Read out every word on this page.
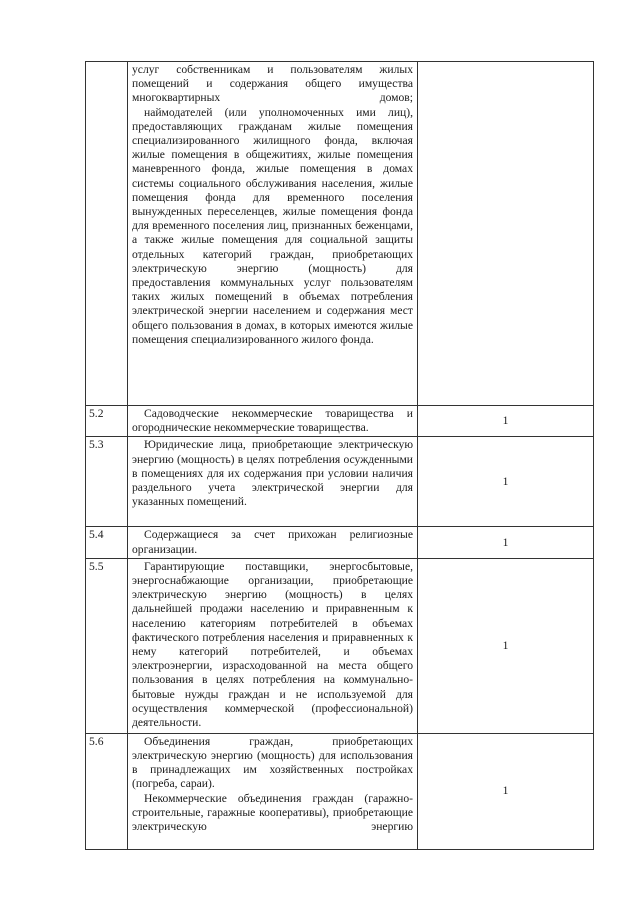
	услуг собственникам и пользователям жилых помещений и содержания общего имущества многоквартирных домов;
наймодателей (или уполномоченных ими лиц), предоставляющих гражданам жилые помещения специализированного жилищного фонда, включая жилые помещения в общежитиях, жилые помещения маневренного фонда, жилые помещения в домах системы социального обслуживания населения, жилые помещения фонда для временного поселения вынужденных переселенцев, жилые помещения фонда для временного поселения лиц, признанных беженцами, а также жилые помещения для социальной защиты отдельных категорий граждан, приобретающих электрическую энергию (мощность) для предоставления коммунальных услуг пользователям таких жилых помещений в объемах потребления электрической энергии населением и содержания мест общего пользования в домах, в которых имеются жилые помещения специализированного жилого фонда.	

5.2	Садоводческие некоммерческие товарищества и огороднические некоммерческие товарищества.	1
5.3	Юридические лица, приобретающие электрическую энергию (мощность) в целях потребления осужденными в помещениях для их содержания при условии наличия раздельного учета электрической энергии для указанных помещений.	1
5.4	Содержащиеся за счет прихожан религиозные организации.	1
5.5	Гарантирующие поставщики, энергосбытовые, энергоснабжающие организации, приобретающие электрическую энергию (мощность) в целях дальнейшей продажи населению и приравненным к населению категориям потребителей в объемах фактического потребления населения и приравненных к нему категорий потребителей, и объемах электроэнергии, израсходованной на места общего пользования в целях потребления на коммунально-бытовые нужды граждан и не используемой для осуществления коммерческой (профессиональной) деятельности.	1
5.6	Объединения граждан, приобретающих электрическую энергию (мощность) для использования в принадлежащих им хозяйственных постройках (погреба, сараи).
Некоммерческие объединения граждан (гаражно-строительные, гаражные кооперативы), приобретающие электрическую энергию	1
